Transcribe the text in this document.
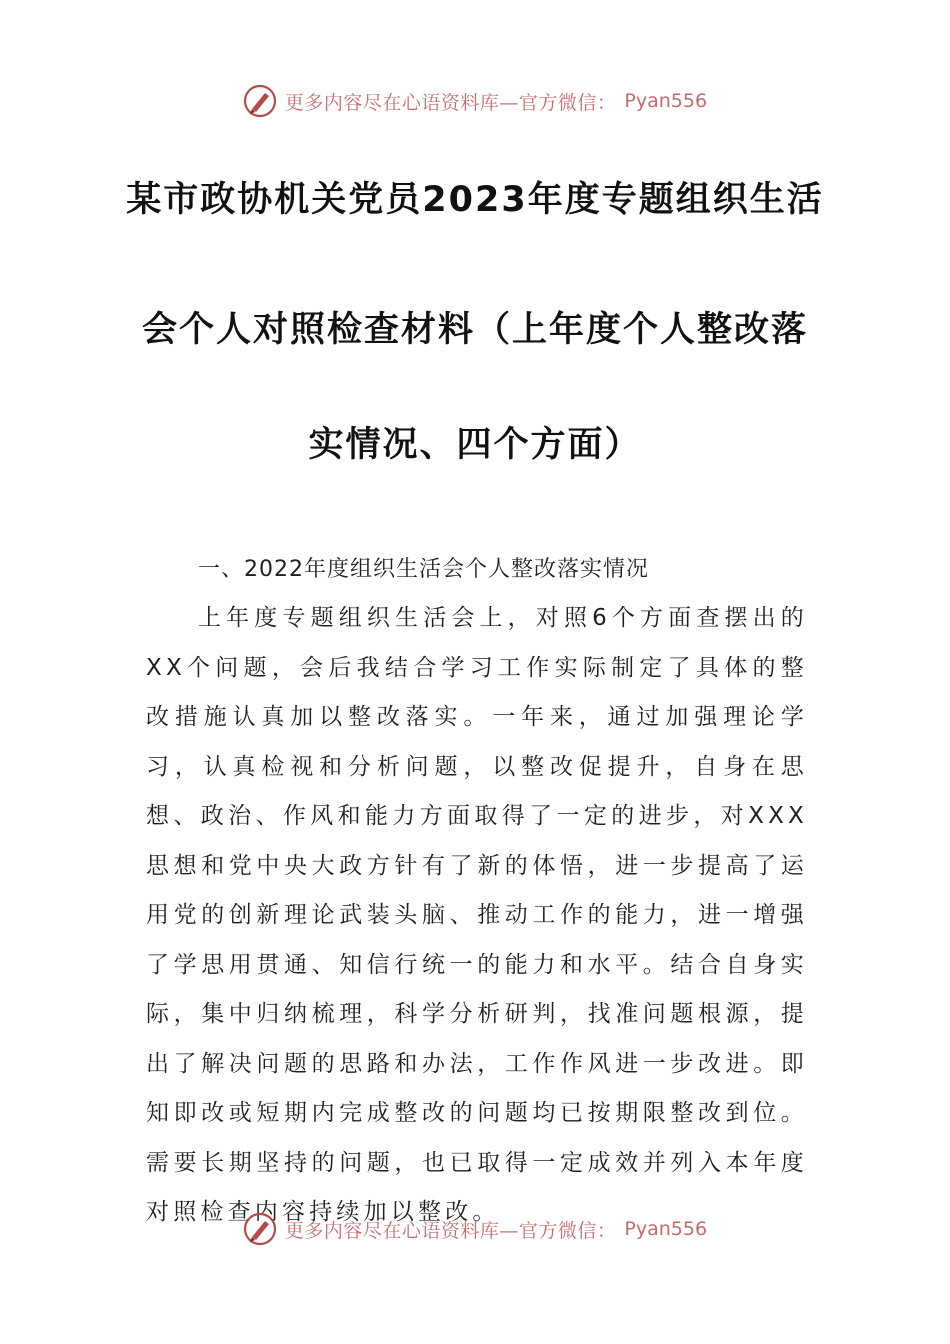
更多内容尽在心语资料库—官方微信： Pyan556
某市政协机关党员2023年度专题组织生活
会个人对照检查材料（上年度个人整改落
实情况、四个方面）
一、2022年度组织生活会个人整改落实情况

上年度专题组织生活会上，对照6个方面查摆出的XX个问题，会后我结合学习工作实际制定了具体的整改措施认真加以整改落实。一年来，通过加强理论学习，认真检视和分析问题，以整改促提升，自身在思想、政治、作风和能力方面取得了一定的进步，对XXX思想和党中央大政方针有了新的体悟，进一步提高了运用党的创新理论武装头脑、推动工作的能力，进一增强了学思用贯通、知信行统一的能力和水平。结合自身实际，集中归纳梳理，科学分析研判，找准问题根源，提出了解决问题的思路和办法，工作作风进一步改进。即知即改或短期内完成整改的问题均已按期限整改到位。需要长期坚持的问题，也已取得一定成效并列入本年度对照检查内容持续加以整改。

更多内容尽在心语资料库—官方微信： Pyan556
